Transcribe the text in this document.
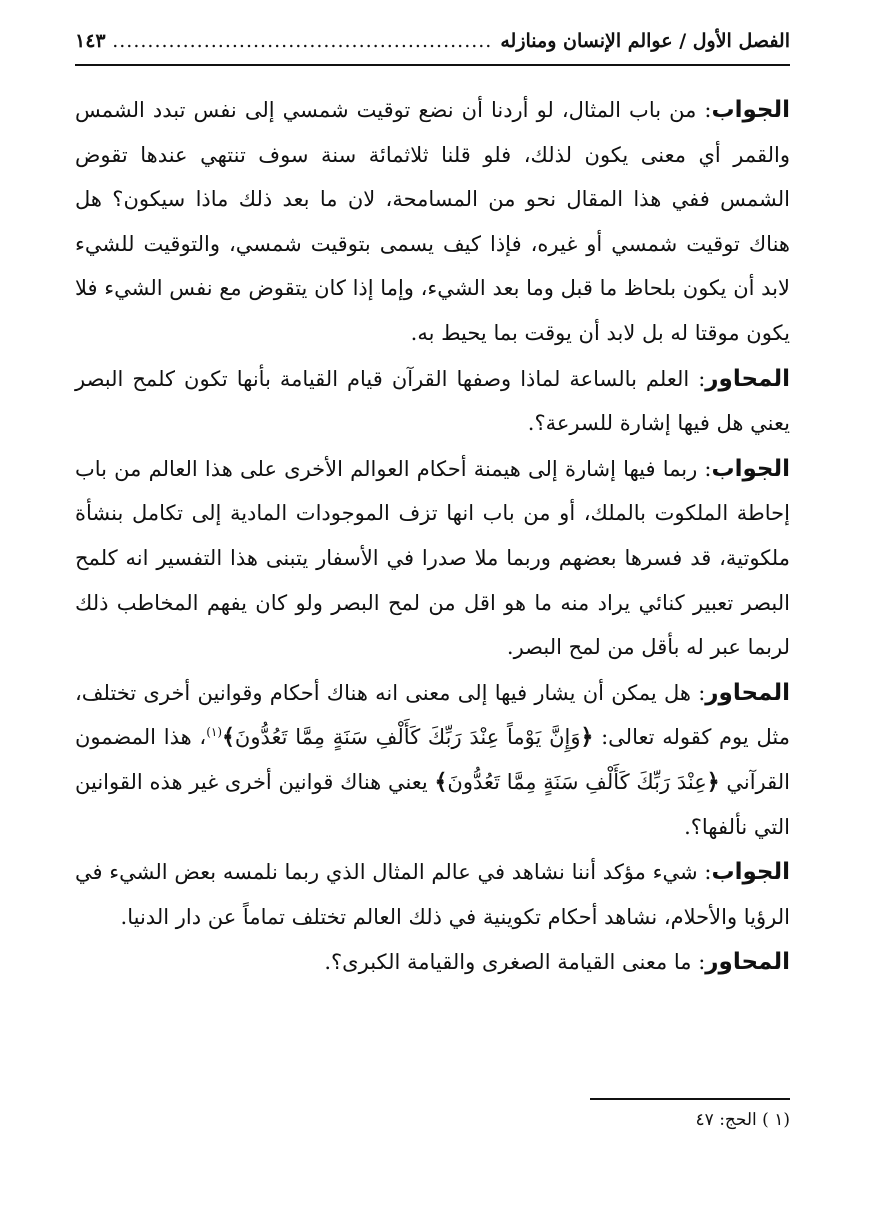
الفصل الأول / عوالم الإنسان ومنازله
.....
١٤٣

الجواب: من باب المثال، لو أردنا أن نضع توقيت شمسي إلى نفس تبدد الشمس والقمر أي معنى يكون لذلك، فلو قلنا ثلاثمائة سنة سوف تنتهي عندها تقوض الشمس ففي هذا المقال نحو من المسامحة، لان ما بعد ذلك ماذا سيكون؟ هل هناك توقيت شمسي أو غيره، فإذا كيف يسمى بتوقيت شمسي، والتوقيت للشيء لابد أن يكون بلحاظ ما قبل وما بعد الشيء، وإما إذا كان يتقوض مع نفس الشيء فلا يكون موقتا له بل لابد أن يوقت بما يحيط به.

المحاور: العلم بالساعة لماذا وصفها القرآن قيام القيامة بأنها تكون كلمح البصر يعني هل فيها إشارة للسرعة؟.

الجواب: ربما فيها إشارة إلى هيمنة أحكام العوالم الأخرى على هذا العالم من باب إحاطة الملكوت بالملك، أو من باب انها تزف الموجودات المادية إلى تكامل بنشأة ملكوتية، قد فسرها بعضهم وربما ملا صدرا في الأسفار يتبنى هذا التفسير انه كلمح البصر تعبير كنائي يراد منه ما هو اقل من لمح البصر ولو كان يفهم المخاطب ذلك لربما عبر له بأقل من لمح البصر.

المحاور: هل يمكن أن يشار فيها إلى معنى انه هناك أحكام وقوانين أخرى تختلف، مثل يوم كقوله تعالى: ﴿وَإِنَّ يَوْماً عِنْدَ رَبِّكَ كَأَلْفِ سَنَةٍ مِمَّا تَعُدُّونَ﴾$^{(١)}$، هذا المضمون القرآني ﴿عِنْدَ رَبِّكَ كَأَلْفِ سَنَةٍ مِمَّا تَعُدُّونَ﴾ يعني هناك قوانين أخرى غير هذه القوانين التي نألفها؟.

الجواب: شيء مؤكد أننا نشاهد في عالم المثال الذي ربما نلمسه بعض الشيء في الرؤيا والأحلام، نشاهد أحكام تكوينية في ذلك العالم تختلف تماماً عن دار الدنيا.

المحاور: ما معنى القيامة الصغرى والقيامة الكبرى؟.

(١ ) الحج: ٤٧
